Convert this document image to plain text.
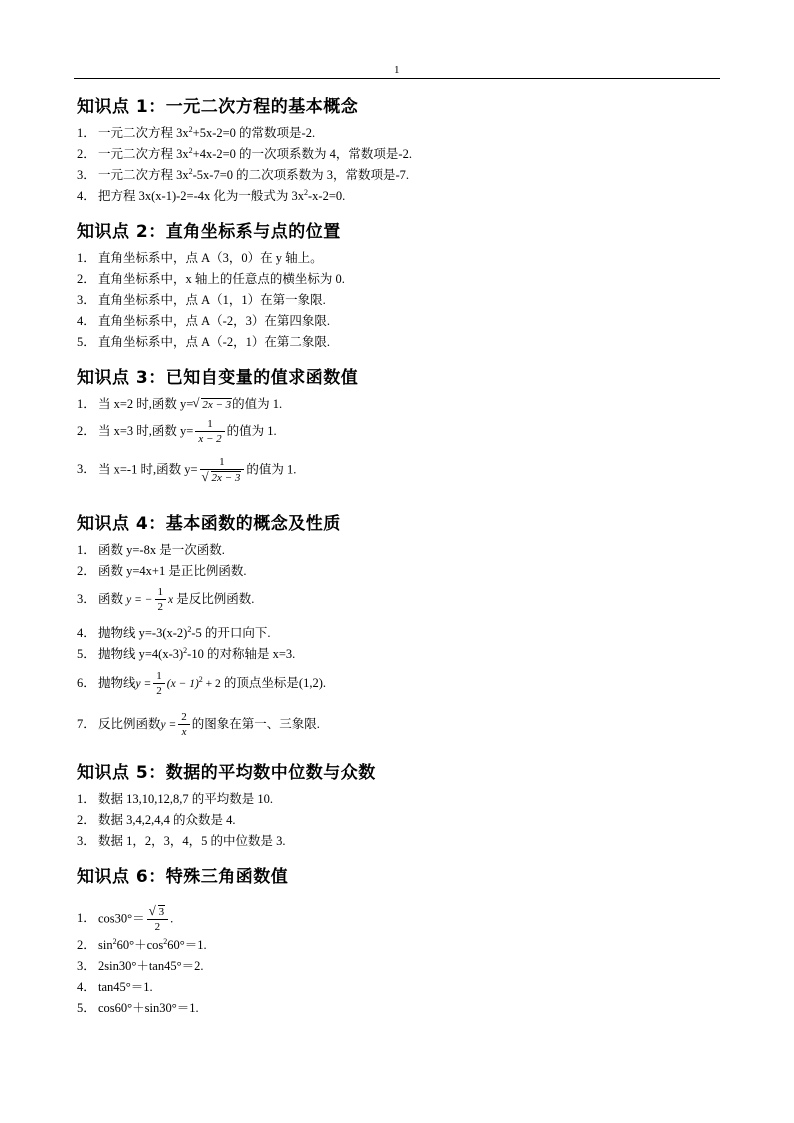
1
知识点 1：一元二次方程的基本概念
1． 一元二次方程 $3x^2+5x-2=0$ 的常数项是-2.
2． 一元二次方程 $3x^2+4x-2=0$ 的一次项系数为 4，常数项是-2.
3． 一元二次方程 $3x^2-5x-7=0$ 的二次项系数为 3，常数项是-7.
4． 把方程 3x(x-1)-2=-4x 化为一般式为 $3x^2-x-2=0$.
知识点 2：直角坐标系与点的位置
1． 直角坐标系中，点 A（3，0）在 y 轴上。
2． 直角坐标系中，x 轴上的任意点的横坐标为 0.
3． 直角坐标系中，点 A（1，1）在第一象限.
4． 直角坐标系中，点 A（-2，3）在第四象限.
5． 直角坐标系中，点 A（-2，1）在第二象限.
知识点 3：已知自变量的值求函数值
1． 当 x=2 时,函数 y= √ 2x − 3的值为 1.
2． 当 x=3 时,函数 $y= \frac{1}{x - 2}$ 的值为 1.
3． 当 x=-1 时,函数 y= 1
√ 2x − 3 的值为 1.
知识点 4：基本函数的概念及性质
1． 函数 y=-8x 是一次函数.
2． 函数 y=4x+1 是正比例函数.
3． 函数 y = − $\frac{1}{2}$ x 是反比例函数.
4． 抛物线 $y=-3(x-2)^2-5$ 的开口向下.
5． 抛物线 $y=4(x-3)^2-10$ 的对称轴是 x=3.
6． 抛物线$y = \frac{1}{2} (x - 1)^2 + 2$ 的顶点坐标是(1,2).
7． 反比例函数$y = \frac{2}{x}$ 的图象在第一、三象限.
知识点 5：数据的平均数中位数与众数
1． 数据 13,10,12,8,7 的平均数是 10.
2． 数据 3,4,2,4,4 的众数是 4.
3． 数据 1，2，3，4，5 的中位数是 3.
知识点 6：特殊三角函数值
1． cos30°＝ √ $\frac{3}{2}$ .
2． $\sin^260^\circ+\cos^260^\circ=1$.
3． 2sin30°＋tan45°＝2.
4． tan45°＝1.
5． cos60°＋sin30°＝1.
